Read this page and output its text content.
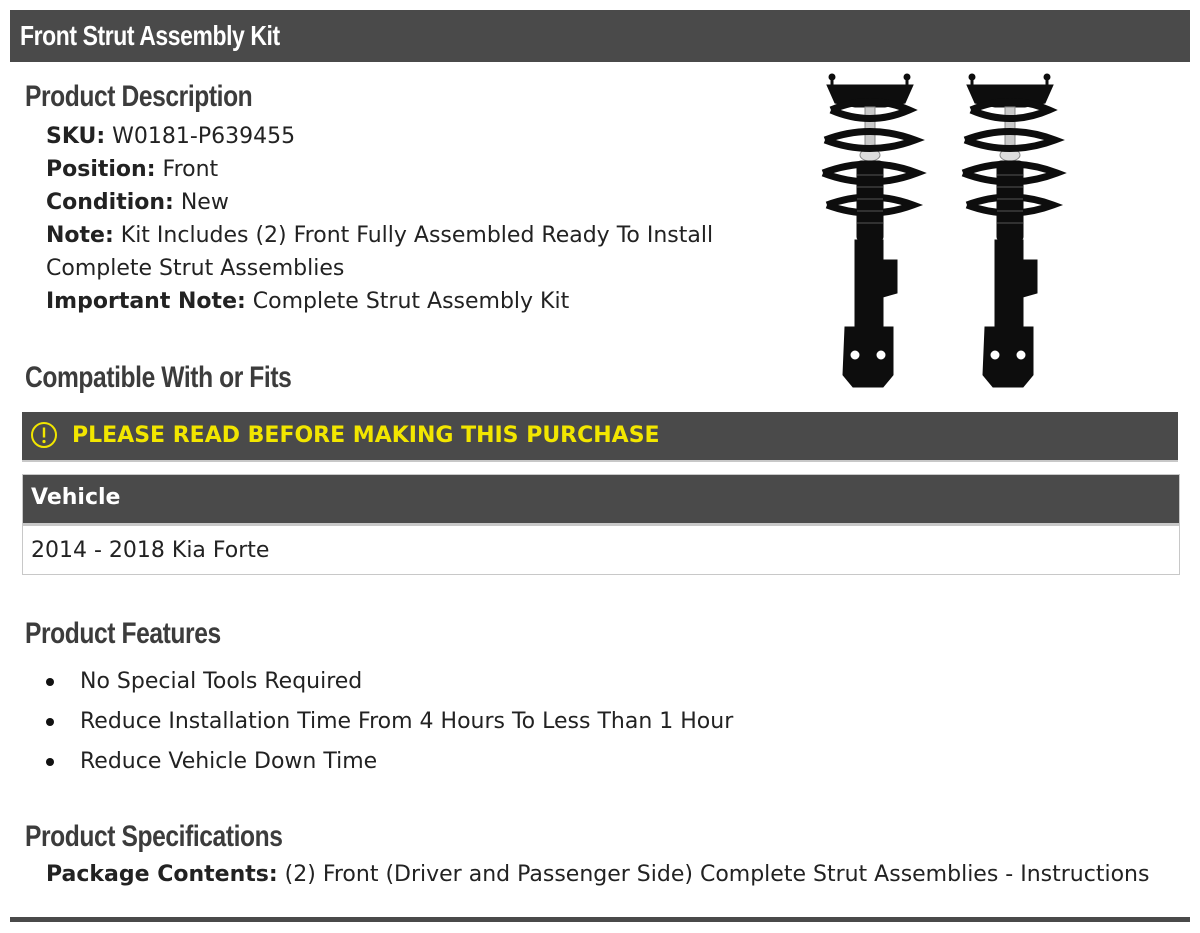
Front Strut Assembly Kit
Product Description
SKU: W0181-P639455
Position: Front
Condition: New
Note: Kit Includes (2) Front Fully Assembled Ready To Install Complete Strut Assemblies
Important Note: Complete Strut Assembly Kit
Compatible With or Fits
PLEASE READ BEFORE MAKING THIS PURCHASE
Vehicle
2014 - 2018 Kia Forte
Product Features
No Special Tools Required
Reduce Installation Time From 4 Hours To Less Than 1 Hour
Reduce Vehicle Down Time
Product Specifications
Package Contents: (2) Front (Driver and Passenger Side) Complete Strut Assemblies - Instructions
